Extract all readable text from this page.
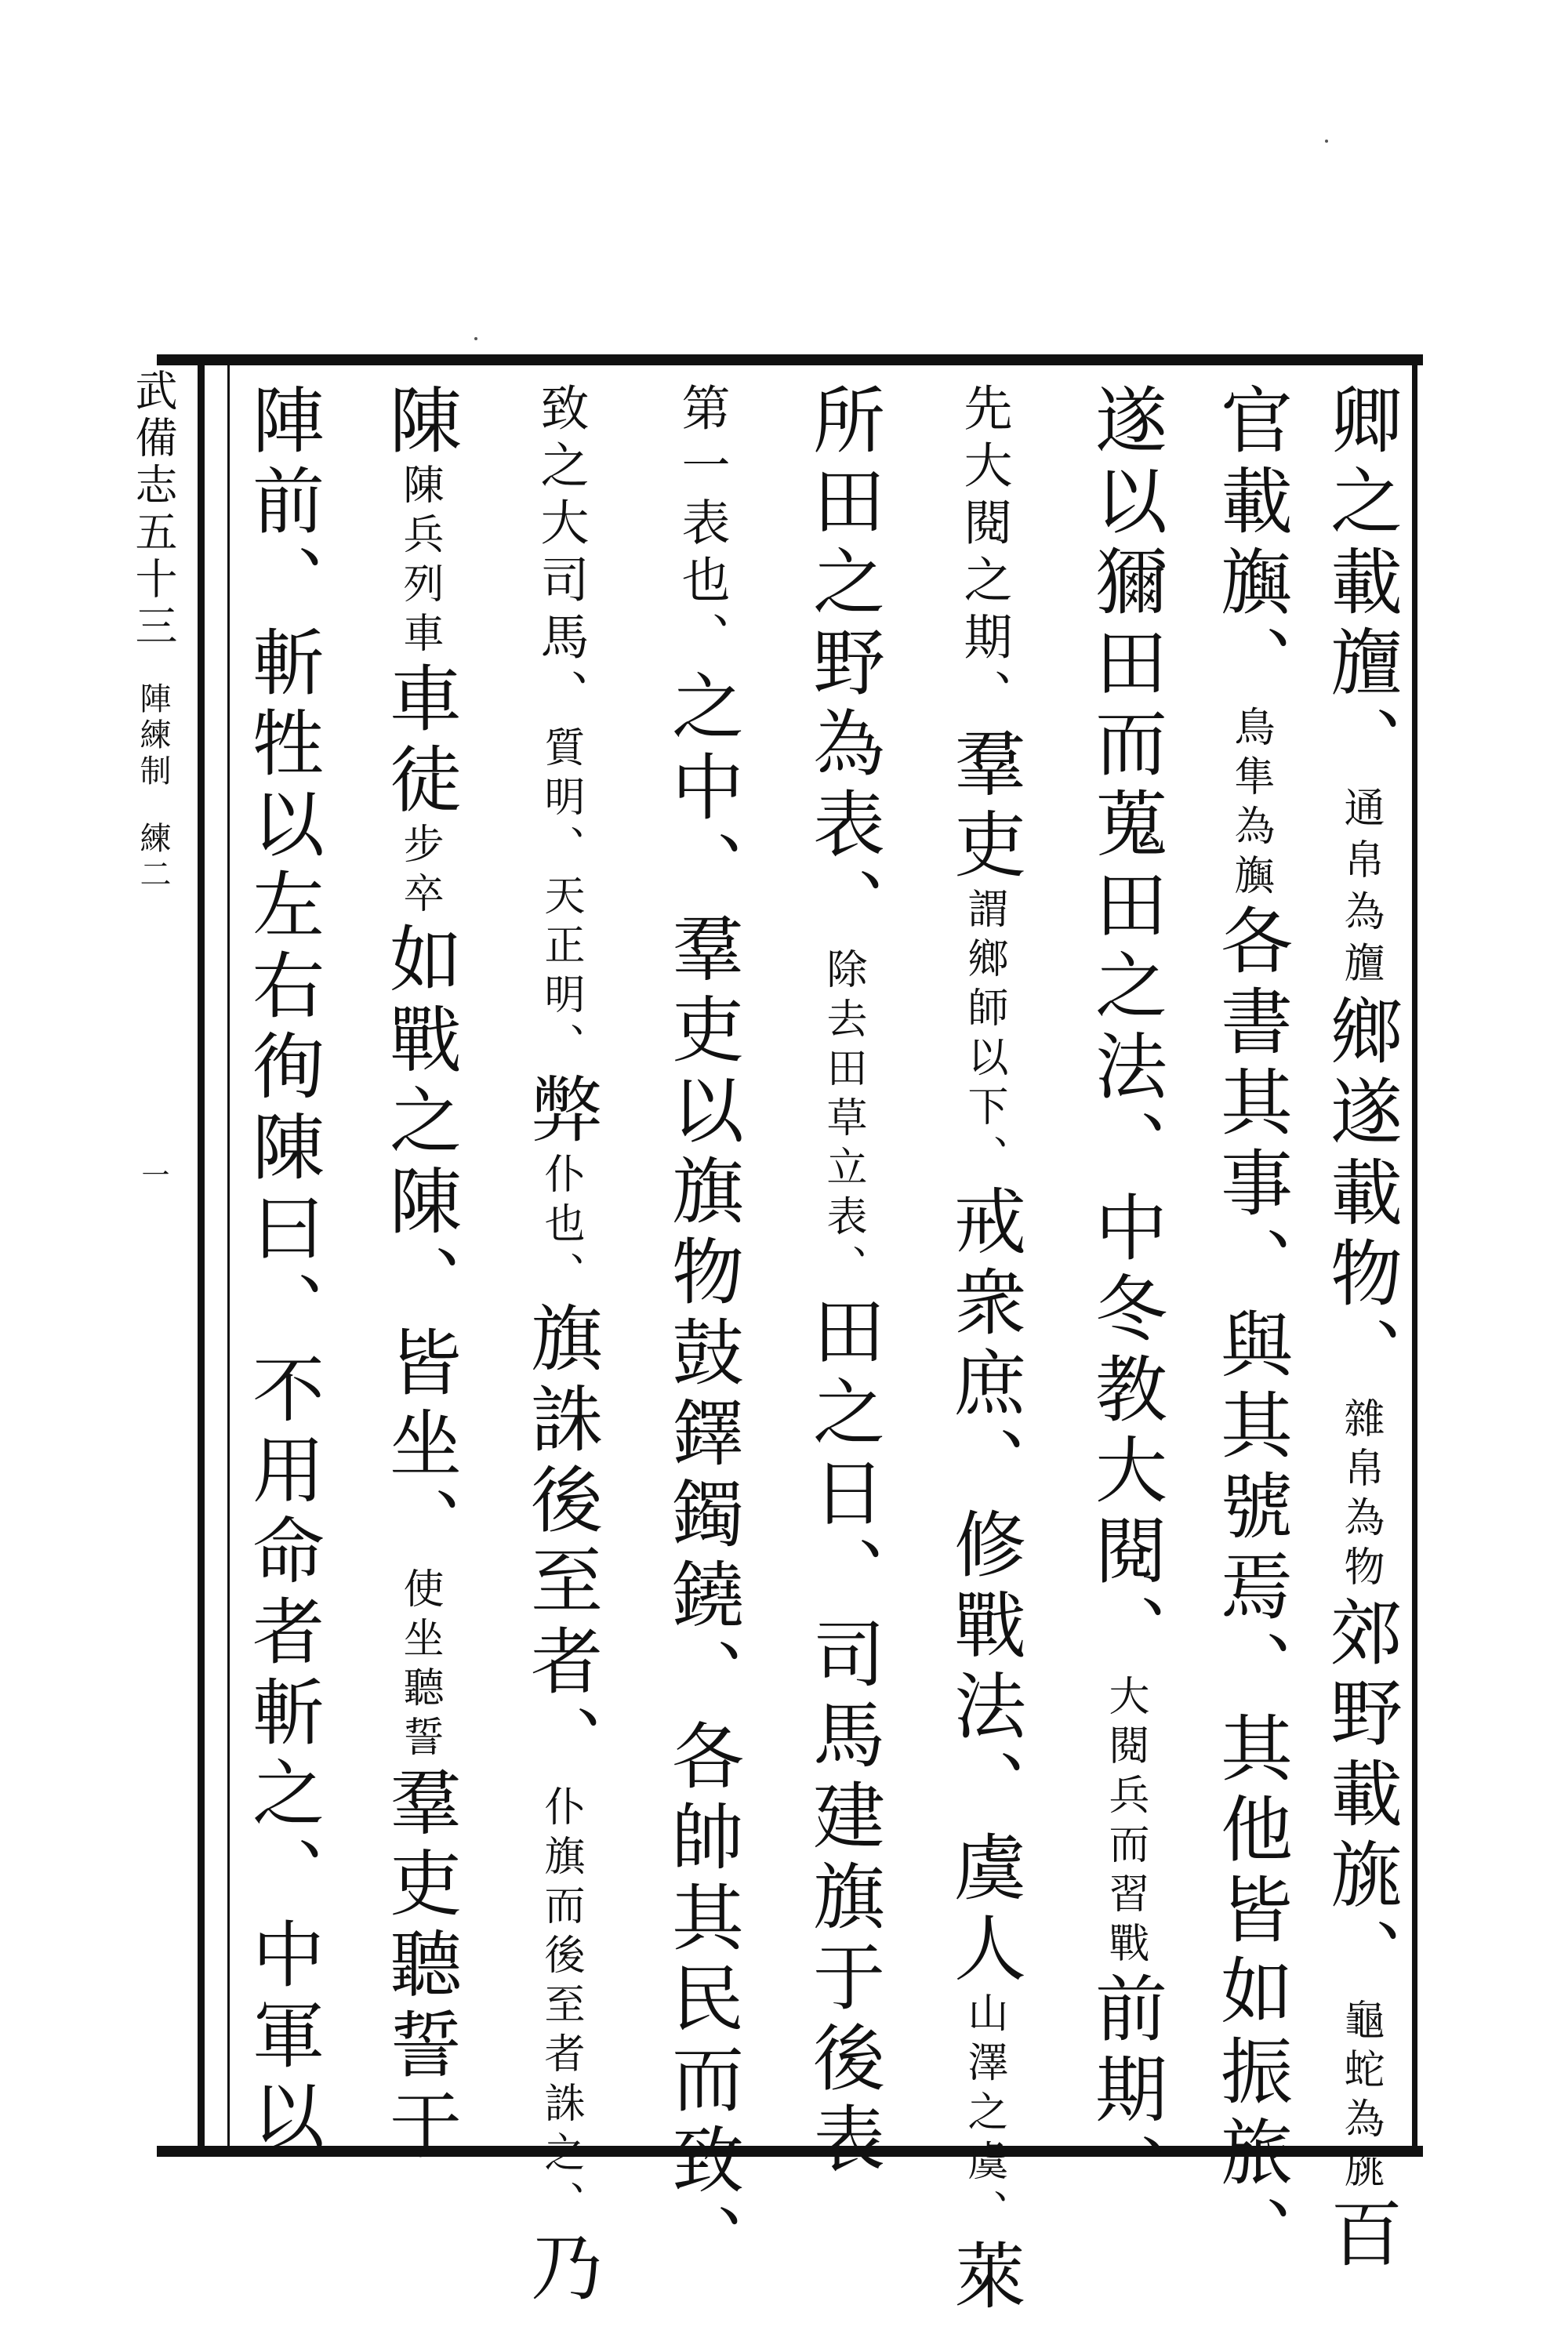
卿之載旜、通帛為旜鄉遂載物、雜帛為物郊野載旐、龜蛇為旐百
官載旟、鳥隼為旟各書其事、與其號焉、其他皆如振旅、
遂以獮田而蒐田之法、中冬教大閱、大閱兵而習戰前期、
先大閱之期、羣吏謂鄉師以下、戒衆庶、修戰法、虞人山澤之虞、萊
所田之野為表、除去田草立表、田之日、司馬建旗于後表
第一表也、之中、羣吏以旗物鼓鐸鐲鐃、各帥其民而致、
致之大司馬、質明、天正明、弊仆也、旗誅後至者、仆旗而後至者誅之、乃
陳陳兵列車車徒步卒如戰之陳、皆坐、使坐聽誓羣吏聽誓于
陣前、斬牲以左右徇陳曰、不用命者斬之、中軍以
武備志五十三陣練制練二一
